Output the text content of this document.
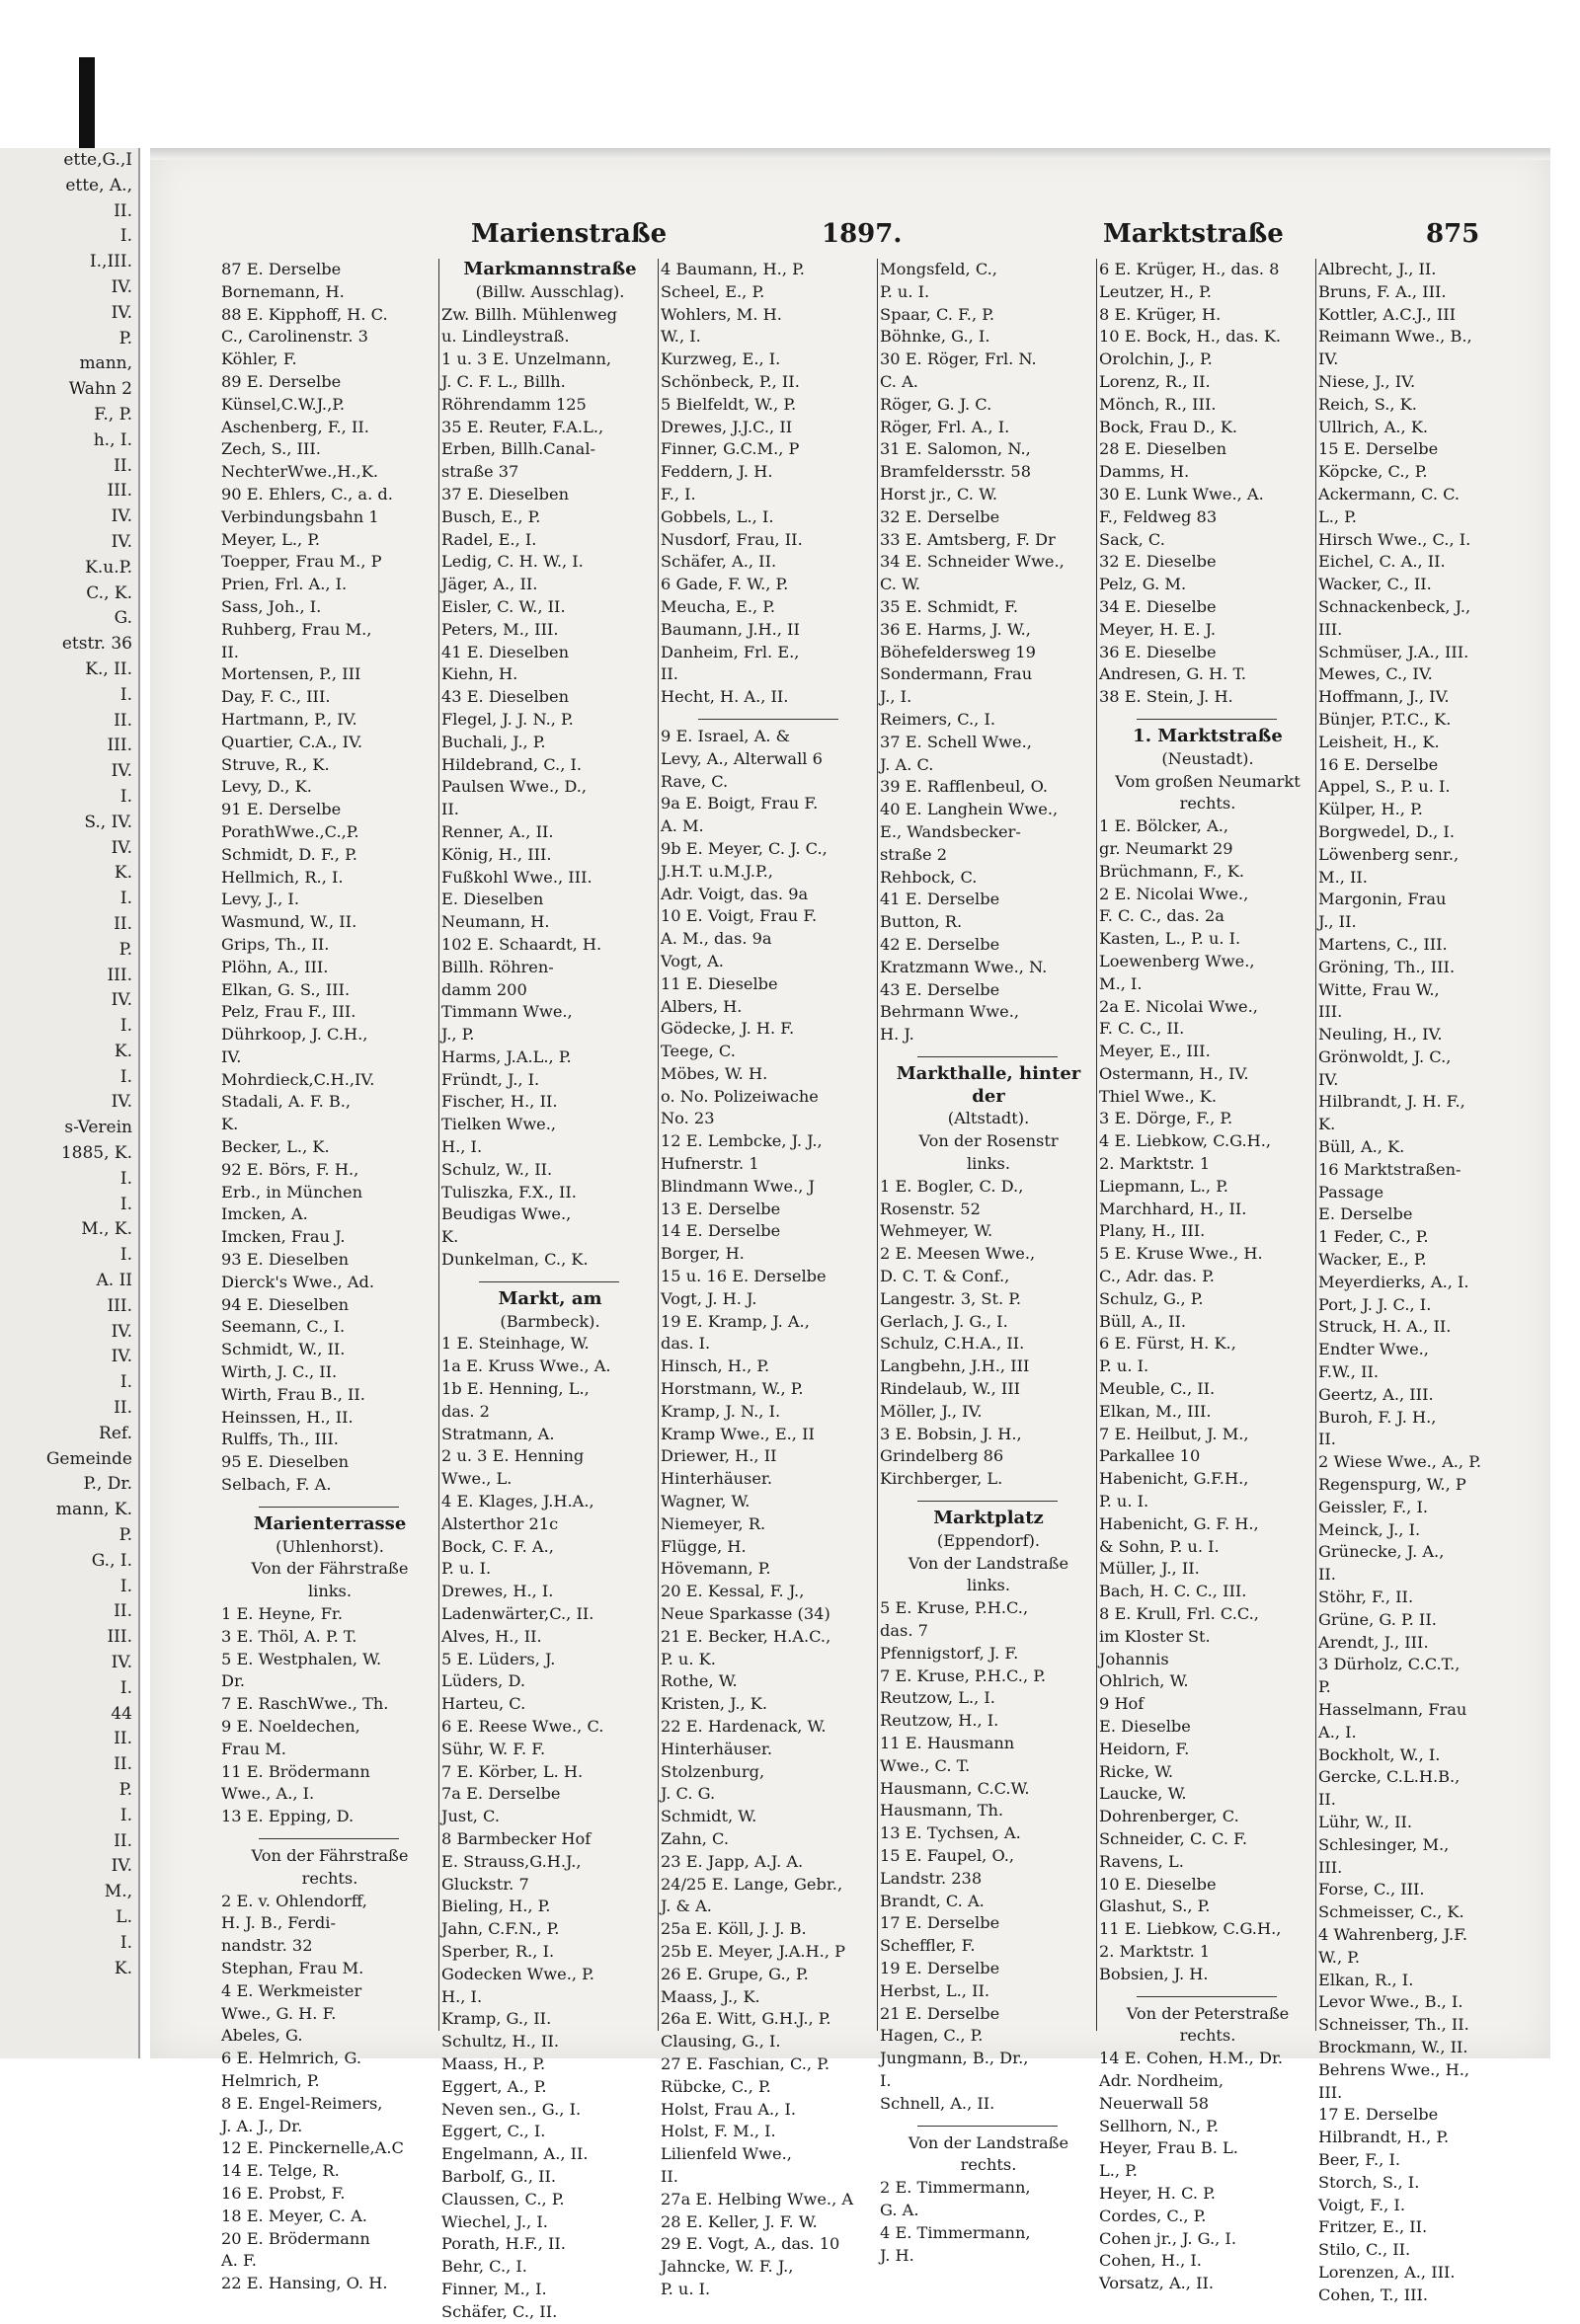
ette,G.,I
ette, A.,
II.
I.
I.,III.
IV.
IV.
P.
mann,
Wahn 2
F., P.
h., I.
II.
III.
IV.
IV.
K.u.P.
C., K.
G.
etstr. 36
K., II.
I.
II.
III.
IV.
I.
S., IV.
IV.
K.
I.
II.
P.
III.
IV.
I.
K.
I.
IV.
s-Verein
1885, K.
I.
I.
M., K.
I.
A. II
III.
IV.
IV.
I.
II.
Ref.
Gemeinde
P., Dr.
mann, K.
P.
G., I.
I.
II.
III.
IV.
I.
44
II.
II.
P.
I.
II.
IV.
M.,
L.
I.
K.
Marienstraße	1897.	Marktstraße	875
87 E. Derselbe
Bornemann, H.
88 E. Kipphoff, H. C.
C., Carolinenstr. 3
Köhler, F.
89 E. Derselbe
Künsel,C.W.J.,P.
Aschenberg, F., II.
Zech, S., III.
NechterWwe.,H.,K.
90 E. Ehlers, C., a. d.
Verbindungsbahn 1
Meyer, L., P.
Toepper, Frau M., P
Prien, Frl. A., I.
Sass, Joh., I.
Ruhberg, Frau M.,
II.
Mortensen, P., III
Day, F. C., III.
Hartmann, P., IV.
Quartier, C.A., IV.
Struve, R., K.
Levy, D., K.
91 E. Derselbe
PorathWwe.,C.,P.
Schmidt, D. F., P.
Hellmich, R., I.
Levy, J., I.
Wasmund, W., II.
Grips, Th., II.
Plöhn, A., III.
Elkan, G. S., III.
Pelz, Frau F., III.
Dührkoop, J. C.H.,
IV.
Mohrdieck,C.H.,IV.
Stadali, A. F. B.,
K.
Becker, L., K.
92 E. Börs, F. H.,
Erb., in München
Imcken, A.
Imcken, Frau J.
93 E. Dieselben
Dierck's Wwe., Ad.
94 E. Dieselben
Seemann, C., I.
Schmidt, W., II.
Wirth, J. C., II.
Wirth, Frau B., II.
Heinssen, H., II.
Rulffs, Th., III.
95 E. Dieselben
Selbach, F. A.
Marienterrasse
(Uhlenhorst).
Von der Fährstraße
links.
1 E. Heyne, Fr.
3 E. Thöl, A. P. T.
5 E. Westphalen, W.
Dr.
7 E. RaschWwe., Th.
9 E. Noeldechen,
Frau M.
11 E. Brödermann
Wwe., A., I.
13 E. Epping, D.
Von der Fährstraße
rechts.
2 E. v. Ohlendorff,
H. J. B., Ferdi-
nandstr. 32
Stephan, Frau M.
4 E. Werkmeister
Wwe., G. H. F.
Abeles, G.
6 E. Helmrich, G.
Helmrich, P.
8 E. Engel-Reimers,
J. A. J., Dr.
12 E. Pinckernelle,A.C
14 E. Telge, R.
16 E. Probst, F.
18 E. Meyer, C. A.
20 E. Brödermann
A. F.
22 E. Hansing, O. H.
Markmannstraße
(Billw. Ausschlag).
Zw. Billh. Mühlenweg
u. Lindleystraß.
1 u. 3 E. Unzelmann,
J. C. F. L., Billh.
Röhrendamm 125
35 E. Reuter, F.A.L.,
Erben, Billh.Canal-
straße 37
37 E. Dieselben
Busch, E., P.
Radel, E., I.
Ledig, C. H. W., I.
Jäger, A., II.
Eisler, C. W., II.
Peters, M., III.
41 E. Dieselben
Kiehn, H.
43 E. Dieselben
Flegel, J. J. N., P.
Buchali, J., P.
Hildebrand, C., I.
Paulsen Wwe., D.,
II.
Renner, A., II.
König, H., III.
Fußkohl Wwe., III.
E. Dieselben
Neumann, H.
102 E. Schaardt, H.
Billh. Röhren-
damm 200
Timmann Wwe.,
J., P.
Harms, J.A.L., P.
Fründt, J., I.
Fischer, H., II.
Tielken Wwe.,
H., I.
Schulz, W., II.
Tuliszka, F.X., II.
Beudigas Wwe.,
K.
Dunkelman, C., K.
Markt, am
(Barmbeck).
1 E. Steinhage, W.
1a E. Kruss Wwe., A.
1b E. Henning, L.,
das. 2
Stratmann, A.
2 u. 3 E. Henning
Wwe., L.
4 E. Klages, J.H.A.,
Alsterthor 21c
Bock, C. F. A.,
P. u. I.
Drewes, H., I.
Ladenwärter,C., II.
Alves, H., II.
5 E. Lüders, J.
Lüders, D.
Harteu, C.
6 E. Reese Wwe., C.
Sühr, W. F. F.
7 E. Körber, L. H.
7a E. Derselbe
Just, C.
8 Barmbecker Hof
E. Strauss,G.H.J.,
Gluckstr. 7
Bieling, H., P.
Jahn, C.F.N., P.
Sperber, R., I.
Godecken Wwe., P.
H., I.
Kramp, G., II.
Schultz, H., II.
Maass, H., P.
Eggert, A., P.
Neven sen., G., I.
Eggert, C., I.
Engelmann, A., II.
Barbolf, G., II.
Claussen, C., P.
Wiechel, J., I.
Porath, H.F., II.
Behr, C., I.
Finner, M., I.
Schäfer, C., II.
4 Baumann, H., P.
Scheel, E., P.
Wohlers, M. H.
W., I.
Kurzweg, E., I.
Schönbeck, P., II.
5 Bielfeldt, W., P.
Drewes, J.J.C., II
Finner, G.C.M., P
Feddern, J. H.
F., I.
Gobbels, L., I.
Nusdorf, Frau, II.
Schäfer, A., II.
6 Gade, F. W., P.
Meucha, E., P.
Baumann, J.H., II
Danheim, Frl. E.,
II.
Hecht, H. A., II.
9 E. Israel, A. &
Levy, A., Alterwall 6
Rave, C.
9a E. Boigt, Frau F.
A. M.
9b E. Meyer, C. J. C.,
J.H.T. u.M.J.P.,
Adr. Voigt, das. 9a
10 E. Voigt, Frau F.
A. M., das. 9a
Vogt, A.
11 E. Dieselbe
Albers, H.
Gödecke, J. H. F.
Teege, C.
Möbes, W. H.
o. No. Polizeiwache
No. 23
12 E. Lembcke, J. J.,
Hufnerstr. 1
Blindmann Wwe., J
13 E. Derselbe
14 E. Derselbe
Borger, H.
15 u. 16 E. Derselbe
Vogt, J. H. J.
19 E. Kramp, J. A.,
das. I.
Hinsch, H., P.
Horstmann, W., P.
Kramp, J. N., I.
Kramp Wwe., E., II
Driewer, H., II
Hinterhäuser.
Wagner, W.
Niemeyer, R.
Flügge, H.
Hövemann, P.
20 E. Kessal, F. J.,
Neue Sparkasse (34)
21 E. Becker, H.A.C.,
P. u. K.
Rothe, W.
Kristen, J., K.
22 E. Hardenack, W.
Hinterhäuser.
Stolzenburg,
J. C. G.
Schmidt, W.
Zahn, C.
23 E. Japp, A.J. A.
24/25 E. Lange, Gebr.,
J. & A.
25a E. Köll, J. J. B.
25b E. Meyer, J.A.H., P
26 E. Grupe, G., P.
Maass, J., K.
26a E. Witt, G.H.J., P.
Clausing, G., I.
27 E. Faschian, C., P.
Rübcke, C., P.
Holst, Frau A., I.
Holst, F. M., I.
Lilienfeld Wwe.,
II.
27a E. Helbing Wwe., A
28 E. Keller, J. F. W.
29 E. Vogt, A., das. 10
Jahncke, W. F. J.,
P. u. I.
Mongsfeld, C.,
P. u. I.
Spaar, C. F., P.
Böhnke, G., I.
30 E. Röger, Frl. N.
C. A.
Röger, G. J. C.
Röger, Frl. A., I.
31 E. Salomon, N.,
Bramfeldersstr. 58
Horst jr., C. W.
32 E. Derselbe
33 E. Amtsberg, F. Dr
34 E. Schneider Wwe.,
C. W.
35 E. Schmidt, F.
36 E. Harms, J. W.,
Böhefeldersweg 19
Sondermann, Frau
J., I.
Reimers, C., I.
37 E. Schell Wwe.,
J. A. C.
39 E. Rafflenbeul, O.
40 E. Langhein Wwe.,
E., Wandsbecker-
straße 2
Rehbock, C.
41 E. Derselbe
Button, R.
42 E. Derselbe
Kratzmann Wwe., N.
43 E. Derselbe
Behrmann Wwe.,
H. J.
Markthalle, hinter
der
(Altstadt).
Von der Rosenstr
links.
1 E. Bogler, C. D.,
Rosenstr. 52
Wehmeyer, W.
2 E. Meesen Wwe.,
D. C. T. & Conf.,
Langestr. 3, St. P.
Gerlach, J. G., I.
Schulz, C.H.A., II.
Langbehn, J.H., III
Rindelaub, W., III
Möller, J., IV.
3 E. Bobsin, J. H.,
Grindelberg 86
Kirchberger, L.
Marktplatz
(Eppendorf).
Von der Landstraße
links.
5 E. Kruse, P.H.C.,
das. 7
Pfennigstorf, J. F.
7 E. Kruse, P.H.C., P.
Reutzow, L., I.
Reutzow, H., I.
11 E. Hausmann
Wwe., C. T.
Hausmann, C.C.W.
Hausmann, Th.
13 E. Tychsen, A.
15 E. Faupel, O.,
Landstr. 238
Brandt, C. A.
17 E. Derselbe
Scheffler, F.
19 E. Derselbe
Herbst, L., II.
21 E. Derselbe
Hagen, C., P.
Jungmann, B., Dr.,
I.
Schnell, A., II.
Von der Landstraße
rechts.
2 E. Timmermann,
G. A.
4 E. Timmermann,
J. H.
6 E. Krüger, H., das. 8
Leutzer, H., P.
8 E. Krüger, H.
10 E. Bock, H., das. K.
Orolchin, J., P.
Lorenz, R., II.
Mönch, R., III.
Bock, Frau D., K.
28 E. Dieselben
Damms, H.
30 E. Lunk Wwe., A.
F., Feldweg 83
Sack, C.
32 E. Dieselbe
Pelz, G. M.
34 E. Dieselbe
Meyer, H. E. J.
36 E. Dieselbe
Andresen, G. H. T.
38 E. Stein, J. H.
1. Marktstraße
(Neustadt).
Vom großen Neumarkt
rechts.
1 E. Bölcker, A.,
gr. Neumarkt 29
Brüchmann, F., K.
2 E. Nicolai Wwe.,
F. C. C., das. 2a
Kasten, L., P. u. I.
Loewenberg Wwe.,
M., I.
2a E. Nicolai Wwe.,
F. C. C., II.
Meyer, E., III.
Ostermann, H., IV.
Thiel Wwe., K.
3 E. Dörge, F., P.
4 E. Liebkow, C.G.H.,
2. Marktstr. 1
Liepmann, L., P.
Marchhard, H., II.
Plany, H., III.
5 E. Kruse Wwe., H.
C., Adr. das. P.
Schulz, G., P.
Büll, A., II.
6 E. Fürst, H. K.,
P. u. I.
Meuble, C., II.
Elkan, M., III.
7 E. Heilbut, J. M.,
Parkallee 10
Habenicht, G.F.H.,
P. u. I.
Habenicht, G. F. H.,
& Sohn, P. u. I.
Müller, J., II.
Bach, H. C. C., III.
8 E. Krull, Frl. C.C.,
im Kloster St.
Johannis
Ohlrich, W.
9 Hof
E. Dieselbe
Heidorn, F.
Ricke, W.
Laucke, W.
Dohrenberger, C.
Schneider, C. C. F.
Ravens, L.
10 E. Dieselbe
Glashut, S., P.
11 E. Liebkow, C.G.H.,
2. Marktstr. 1
Bobsien, J. H.
Von der Peterstraße
rechts.
14 E. Cohen, H.M., Dr.
Adr. Nordheim,
Neuerwall 58
Sellhorn, N., P.
Heyer, Frau B. L.
L., P.
Heyer, H. C. P.
Cordes, C., P.
Cohen jr., J. G., I.
Cohen, H., I.
Vorsatz, A., II.
Albrecht, J., II.
Bruns, F. A., III.
Kottler, A.C.J., III
Reimann Wwe., B.,
IV.
Niese, J., IV.
Reich, S., K.
Ullrich, A., K.
15 E. Derselbe
Köpcke, C., P.
Ackermann, C. C.
L., P.
Hirsch Wwe., C., I.
Eichel, C. A., II.
Wacker, C., II.
Schnackenbeck, J.,
III.
Schmüser, J.A., III.
Mewes, C., IV.
Hoffmann, J., IV.
Bünjer, P.T.C., K.
Leisheit, H., K.
16 E. Derselbe
Appel, S., P. u. I.
Külper, H., P.
Borgwedel, D., I.
Löwenberg senr.,
M., II.
Margonin, Frau
J., II.
Martens, C., III.
Gröning, Th., III.
Witte, Frau W.,
III.
Neuling, H., IV.
Grönwoldt, J. C.,
IV.
Hilbrandt, J. H. F.,
K.
Büll, A., K.
16 Marktstraßen-
Passage
E. Derselbe
1 Feder, C., P.
Wacker, E., P.
Meyerdierks, A., I.
Port, J. J. C., I.
Struck, H. A., II.
Endter Wwe.,
F.W., II.
Geertz, A., III.
Buroh, F. J. H.,
II.
2 Wiese Wwe., A., P.
Regenspurg, W., P
Geissler, F., I.
Meinck, J., I.
Grünecke, J. A.,
II.
Stöhr, F., II.
Grüne, G. P. II.
Arendt, J., III.
3 Dürholz, C.C.T.,
P.
Hasselmann, Frau
A., I.
Bockholt, W., I.
Gercke, C.L.H.B.,
II.
Lühr, W., II.
Schlesinger, M.,
III.
Forse, C., III.
Schmeisser, C., K.
4 Wahrenberg, J.F.
W., P.
Elkan, R., I.
Levor Wwe., B., I.
Schneisser, Th., II.
Brockmann, W., II.
Behrens Wwe., H.,
III.
17 E. Derselbe
Hilbrandt, H., P.
Beer, F., I.
Storch, S., I.
Voigt, F., I.
Fritzer, E., II.
Stilo, C., II.
Lorenzen, A., III.
Cohen, T., III.
